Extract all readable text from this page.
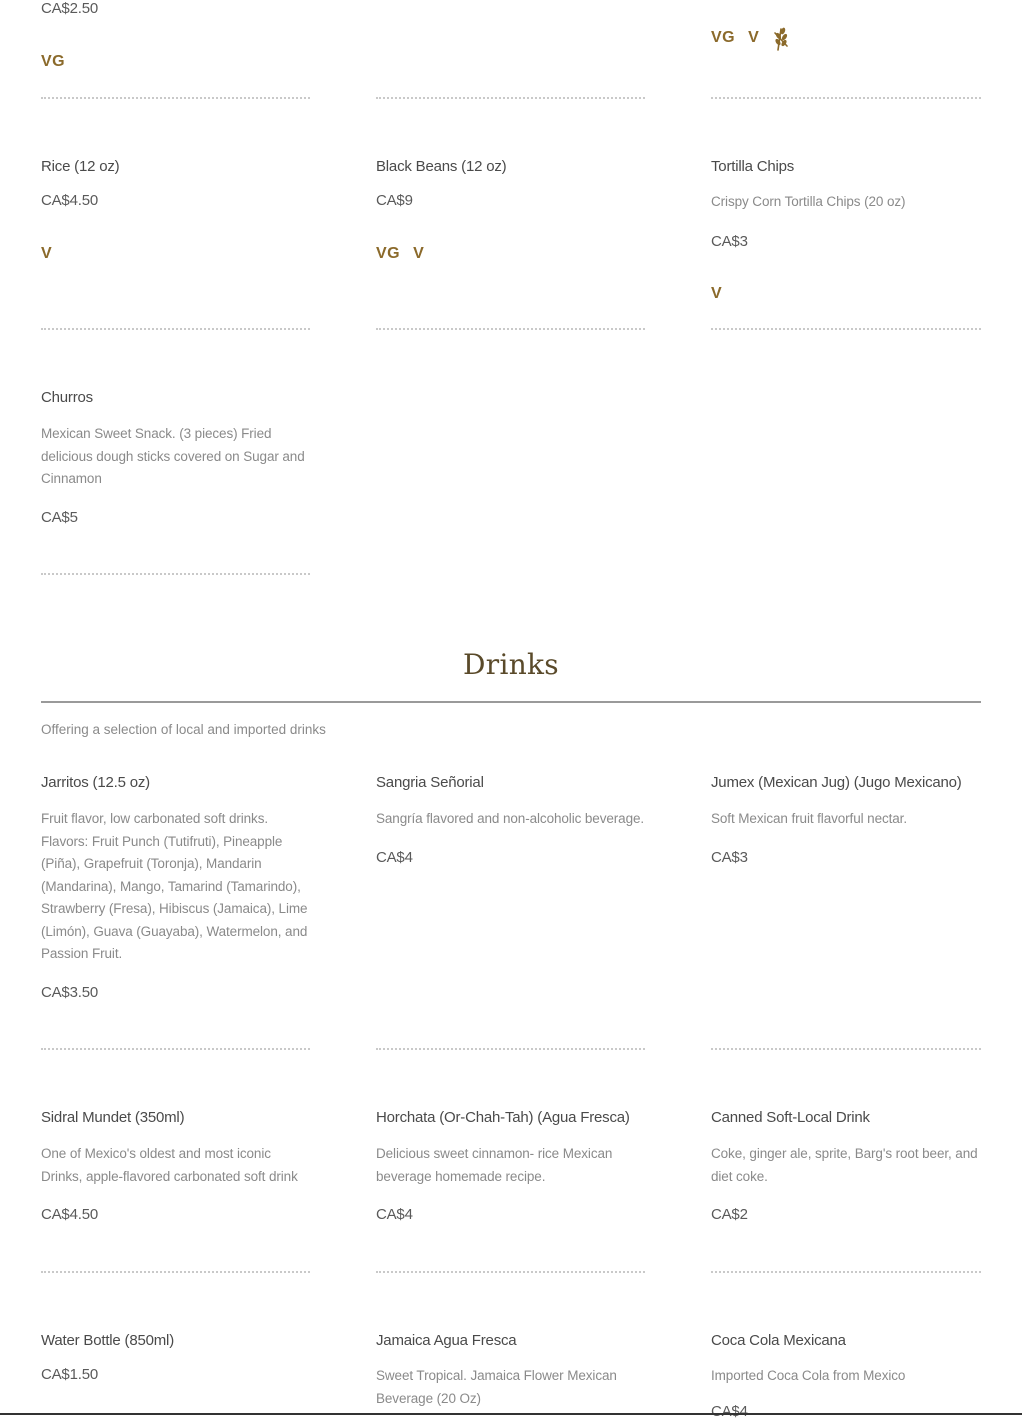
CA$2.50
VG
VG V
Rice (12 oz)
CA$4.50
V
Black Beans (12 oz)
CA$9
VG V
Tortilla Chips
Crispy Corn Tortilla Chips (20 oz)
CA$3
V
Churros
Mexican Sweet Snack. (3 pieces) Fried delicious dough sticks covered on Sugar and Cinnamon
CA$5
Drinks
Offering a selection of local and imported drinks
Jarritos (12.5 oz)
Fruit flavor, low carbonated soft drinks. Flavors: Fruit Punch (Tutifruti), Pineapple (Piña), Grapefruit (Toronja), Mandarin (Mandarina), Mango, Tamarind (Tamarindo), Strawberry (Fresa), Hibiscus (Jamaica), Lime (Limón), Guava (Guayaba), Watermelon, and Passion Fruit.
CA$3.50
Sangria Señorial
Sangría flavored and non-alcoholic beverage.
CA$4
Jumex (Mexican Jug) (Jugo Mexicano)
Soft Mexican fruit flavorful nectar.
CA$3
Sidral Mundet (350ml)
One of Mexico's oldest and most iconic Drinks, apple-flavored carbonated soft drink
CA$4.50
Horchata (Or-Chah-Tah) (Agua Fresca)
Delicious sweet cinnamon- rice Mexican beverage homemade recipe.
CA$4
Canned Soft-Local Drink
Coke, ginger ale, sprite, Barg's root beer, and diet coke.
CA$2
Water Bottle (850ml)
CA$1.50
Jamaica Agua Fresca
Sweet Tropical. Jamaica Flower Mexican Beverage (20 Oz)
Coca Cola Mexicana
Imported Coca Cola from Mexico
CA$4
